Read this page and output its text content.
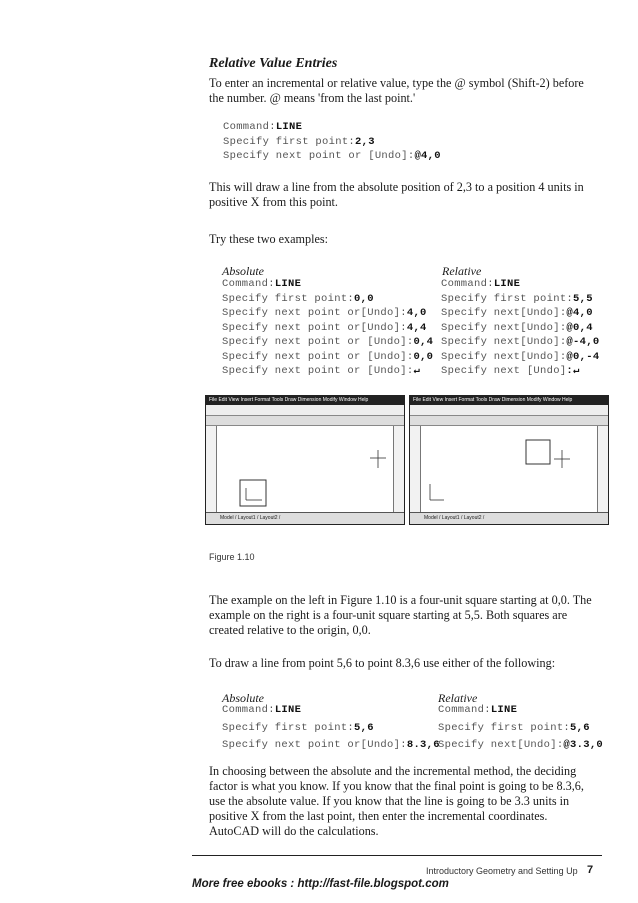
Relative Value Entries
To enter an incremental or relative value, type the @ symbol (Shift-2) before the number. @ means 'from the last point.'
Command:LINE
Specify first point:2,3
Specify next point or [Undo]:@4,0
This will draw a line from the absolute position of 2,3 to a position 4 units in positive X from this point.
Try these two examples:
Absolute	Relative
Command:LINE
Specify first point:0,0
Specify next point or[Undo]:4,0
Specify next point or[Undo]:4,4
Specify next point or [Undo]:0,4
Specify next point or [Undo]:0,0
Specify next point or [Undo]:↵
Command:LINE
Specify first point:5,5
Specify next[Undo]:@4,0
Specify next[Undo]:@0,4
Specify next[Undo]:@-4,0
Specify next[Undo]:@0,-4
Specify next [Undo]:↵
File Edit View Insert Format Tools Draw Dimension Modify Window Help
Model / Layout1 / Layout2 /
File Edit View Insert Format Tools Draw Dimension Modify Window Help
Model / Layout1 / Layout2 /
Figure 1.10
The example on the left in Figure 1.10 is a four-unit square starting at 0,0. The example on the right is a four-unit square starting at 5,5. Both squares are created relative to the origin, 0,0.
To draw a line from point 5,6 to point 8.3,6 use either of the following:
Absolute	Relative
Command:LINE
Specify first point:5,6
Specify next point or[Undo]:8.3,6
Command:LINE
Specify first point:5,6
Specify next[Undo]:@3.3,0
In choosing between the absolute and the incremental method, the deciding factor is what you know. If you know that the final point is going to be 8.3,6, use the absolute value. If you know that the line is going to be 3.3 units in positive X from the last point, then enter the incremental coordinates. AutoCAD will do the calculations.
Introductory Geometry and Setting Up 7
More free ebooks : http://fast-file.blogspot.com
